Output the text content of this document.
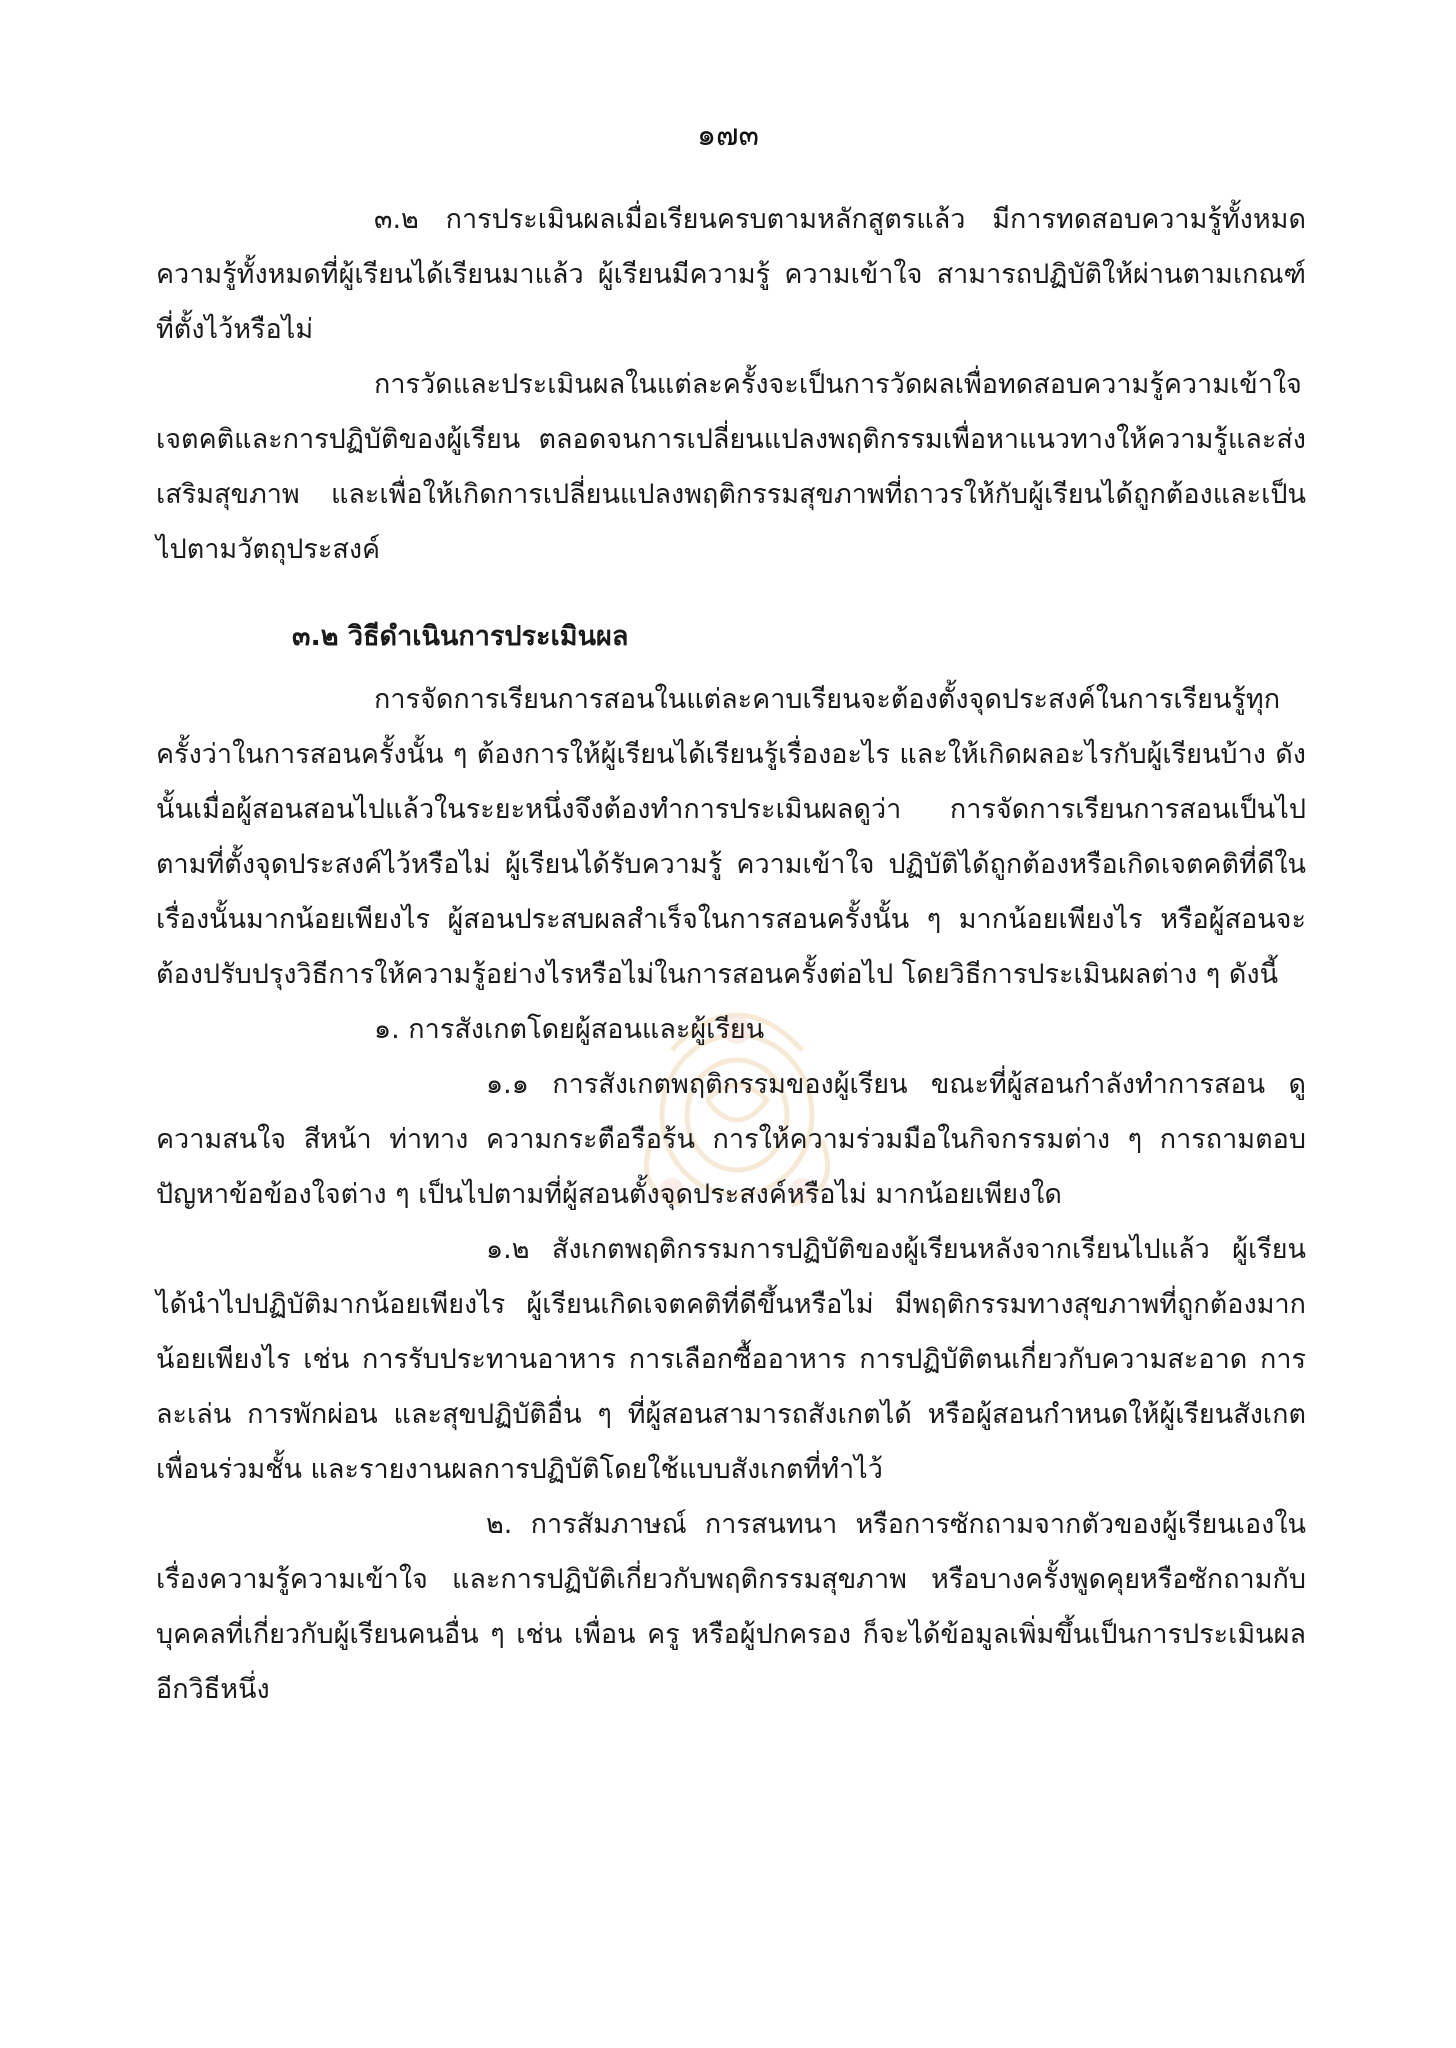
๑๗๓

๓.๒ การประเมินผลเมื่อเรียนครบตามหลักสูตรแล้ว มีการทดสอบความรู้ทั้งหมด ความรู้ทั้งหมดที่ผู้เรียนได้เรียนมาแล้ว ผู้เรียนมีความรู้ ความเข้าใจ สามารถปฏิบัติให้ผ่านตามเกณฑ์ที่ตั้งไว้หรือไม่

การวัดและประเมินผลในแต่ละครั้งจะเป็นการวัดผลเพื่อทดสอบความรู้ความเข้าใจเจตคติและการปฏิบัติของผู้เรียน ตลอดจนการเปลี่ยนแปลงพฤติกรรมเพื่อหาแนวทางให้ความรู้และส่งเสริมสุขภาพ และเพื่อให้เกิดการเปลี่ยนแปลงพฤติกรรมสุขภาพที่ถาวรให้กับผู้เรียนได้ถูกต้องและเป็นไปตามวัตถุประสงค์

๓.๒ วิธีดำเนินการประเมินผล

การจัดการเรียนการสอนในแต่ละคาบเรียนจะต้องตั้งจุดประสงค์ในการเรียนรู้ทุกครั้งว่าในการสอนครั้งนั้น ๆ ต้องการให้ผู้เรียนได้เรียนรู้เรื่องอะไร และให้เกิดผลอะไรกับผู้เรียนบ้าง ดังนั้นเมื่อผู้สอนสอนไปแล้วในระยะหนึ่งจึงต้องทำการประเมินผลดูว่า การจัดการเรียนการสอนเป็นไปตามที่ตั้งจุดประสงค์ไว้หรือไม่ ผู้เรียนได้รับความรู้ ความเข้าใจ ปฏิบัติได้ถูกต้องหรือเกิดเจตคติที่ดีในเรื่องนั้นมากน้อยเพียงไร ผู้สอนประสบผลสำเร็จในการสอนครั้งนั้น ๆ มากน้อยเพียงไร หรือผู้สอนจะต้องปรับปรุงวิธีการให้ความรู้อย่างไรหรือไม่ในการสอนครั้งต่อไป โดยวิธีการประเมินผลต่าง ๆ ดังนี้

๑. การสังเกตโดยผู้สอนและผู้เรียน

๑.๑ การสังเกตพฤติกรรมของผู้เรียน ขณะที่ผู้สอนกำลังทำการสอน ดูความสนใจ สีหน้า ท่าทาง ความกระตือรือร้น การให้ความร่วมมือในกิจกรรมต่าง ๆ การถามตอบปัญหาข้อข้องใจต่าง ๆ เป็นไปตามที่ผู้สอนตั้งจุดประสงค์หรือไม่ มากน้อยเพียงใด

๑.๒ สังเกตพฤติกรรมการปฏิบัติของผู้เรียนหลังจากเรียนไปแล้ว ผู้เรียนได้นำไปปฏิบัติมากน้อยเพียงไร ผู้เรียนเกิดเจตคติที่ดีขึ้นหรือไม่ มีพฤติกรรมทางสุขภาพที่ถูกต้องมากน้อยเพียงไร เช่น การรับประทานอาหาร การเลือกซื้ออาหาร การปฏิบัติตนเกี่ยวกับความสะอาด การละเล่น การพักผ่อน และสุขปฏิบัติอื่น ๆ ที่ผู้สอนสามารถสังเกตได้ หรือผู้สอนกำหนดให้ผู้เรียนสังเกตเพื่อนร่วมชั้น และรายงานผลการปฏิบัติโดยใช้แบบสังเกตที่ทำไว้

๒. การสัมภาษณ์ การสนทนา หรือการซักถามจากตัวของผู้เรียนเองในเรื่องความรู้ความเข้าใจ และการปฏิบัติเกี่ยวกับพฤติกรรมสุขภาพ หรือบางครั้งพูดคุยหรือซักถามกับบุคคลที่เกี่ยวกับผู้เรียนคนอื่น ๆ เช่น เพื่อน ครู หรือผู้ปกครอง ก็จะได้ข้อมูลเพิ่มขึ้นเป็นการประเมินผลอีกวิธีหนึ่ง
